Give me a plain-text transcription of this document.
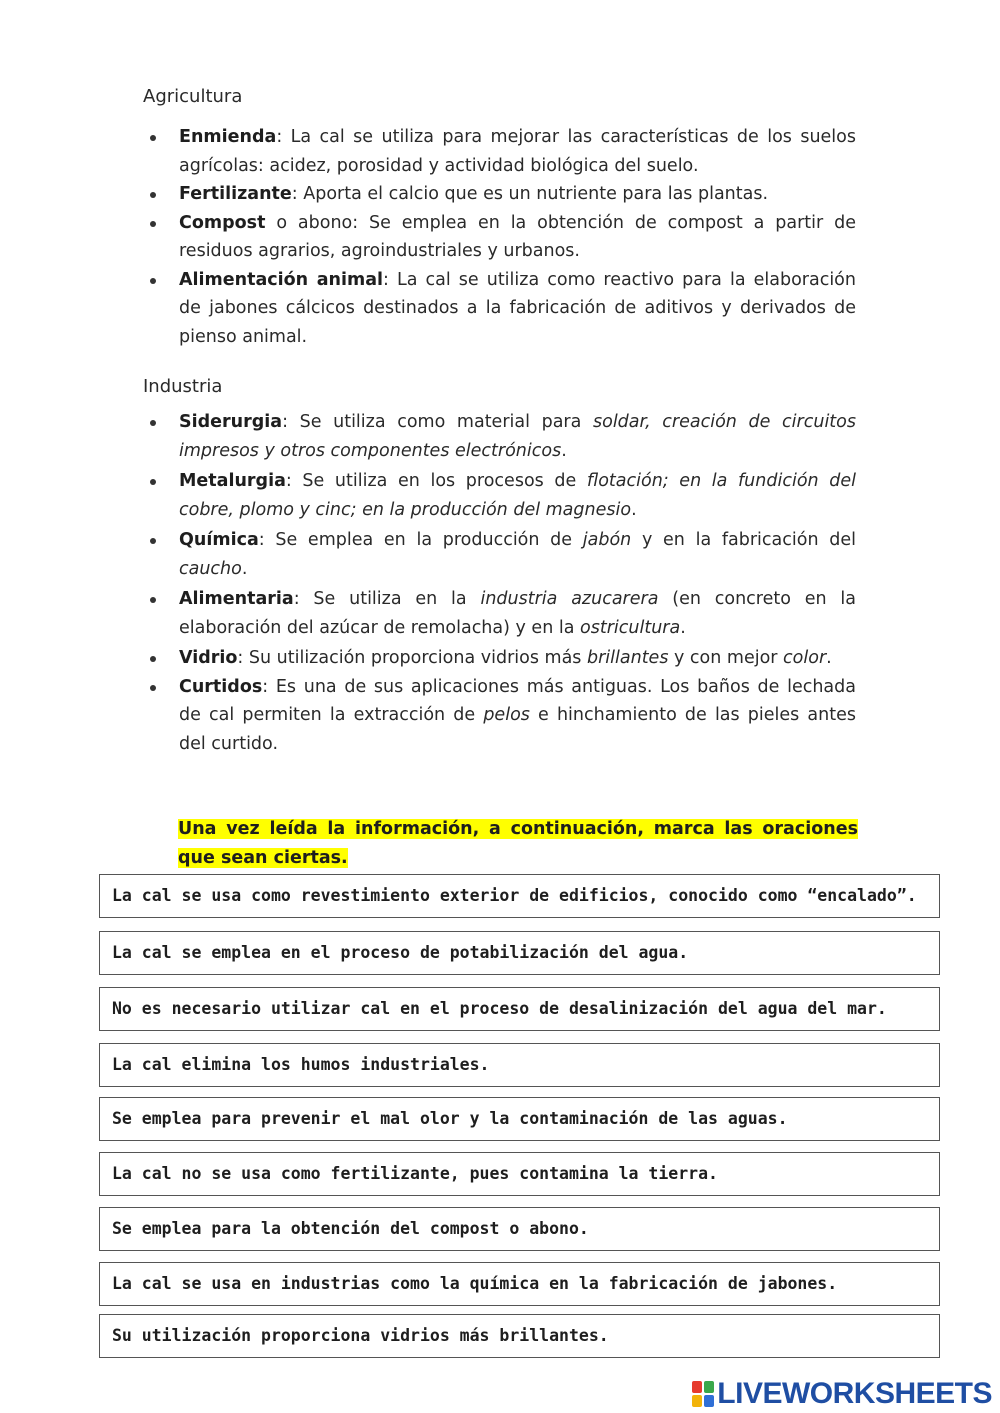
Agricultura
Enmienda: La cal se utiliza para mejorar las características de los suelos agrícolas: acidez, porosidad y actividad biológica del suelo.
Fertilizante: Aporta el calcio que es un nutriente para las plantas.
Compost o abono: Se emplea en la obtención de compost a partir de residuos agrarios, agroindustriales y urbanos.
Alimentación animal: La cal se utiliza como reactivo para la elaboración de jabones cálcicos destinados a la fabricación de aditivos y derivados de pienso animal.
Industria
Siderurgia: Se utiliza como material para soldar, creación de circuitos impresos y otros componentes electrónicos.
Metalurgia: Se utiliza en los procesos de flotación; en la fundición del cobre, plomo y cinc; en la producción del magnesio.
Química: Se emplea en la producción de jabón y en la fabricación del caucho.
Alimentaria: Se utiliza en la industria azucarera (en concreto en la elaboración del azúcar de remolacha) y en la ostricultura.
Vidrio: Su utilización proporciona vidrios más brillantes y con mejor color.
Curtidos: Es una de sus aplicaciones más antiguas. Los baños de lechada de cal permiten la extracción de pelos e hinchamiento de las pieles antes del curtido.
Una vez leída la información, a continuación, marca las oraciones que sean ciertas.
La cal se usa como revestimiento exterior de edificios, conocido como “encalado”.
La cal se emplea en el proceso de potabilización del agua.
No es necesario utilizar cal en el proceso de desalinización del agua del mar.
La cal elimina los humos industriales.
Se emplea para prevenir el mal olor y la contaminación de las aguas.
La cal no se usa como fertilizante, pues contamina la tierra.
Se emplea para la obtención del compost o abono.
La cal se usa en industrias como la química en la fabricación de jabones.
Su utilización proporciona vidrios más brillantes.
LIVEWORKSHEETS
